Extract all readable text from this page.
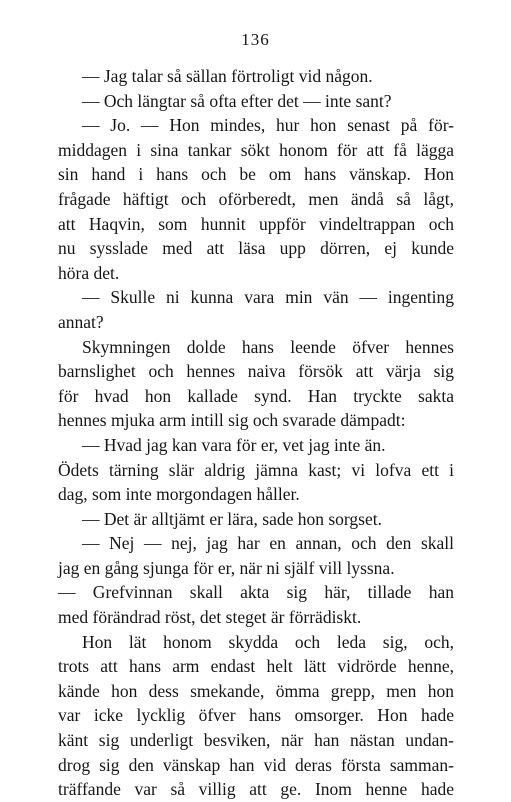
136
— Jag talar så sällan förtroligt vid någon.
— Och längtar så ofta efter det — inte sant?
— Jo. — Hon mindes, hur hon senast på för-
middagen i sina tankar sökt honom för att få lägga
sin hand i hans och be om hans vänskap. Hon
frågade häftigt och oförberedt, men ändå så lågt,
att Haqvin, som hunnit uppför vindeltrappan och
nu sysslade med att läsa upp dörren, ej kunde
höra det.
— Skulle ni kunna vara min vän — ingenting
annat?
Skymningen dolde hans leende öfver hennes
barnslighet och hennes naiva försök att värja sig
för hvad hon kallade synd. Han tryckte sakta
hennes mjuka arm intill sig och svarade dämpadt:
— Hvad jag kan vara för er, vet jag inte än.
Ödets tärning slär aldrig jämna kast; vi lofva ett i
dag, som inte morgondagen håller.
— Det är alltjämt er lära, sade hon sorgset.
— Nej — nej, jag har en annan, och den skall
jag en gång sjunga för er, när ni själf vill lyssna.
— Grefvinnan skall akta sig här, tillade han
med förändrad röst, det steget är förrädiskt.
Hon lät honom skydda och leda sig, och,
trots att hans arm endast helt lätt vidrörde henne,
kände hon dess smekande, ömma grepp, men hon
var icke lycklig öfver hans omsorger. Hon hade
känt sig underligt besviken, när han nästan undan-
drog sig den vänskap han vid deras första samman-
träffande var så villig att ge. Inom henne hade
